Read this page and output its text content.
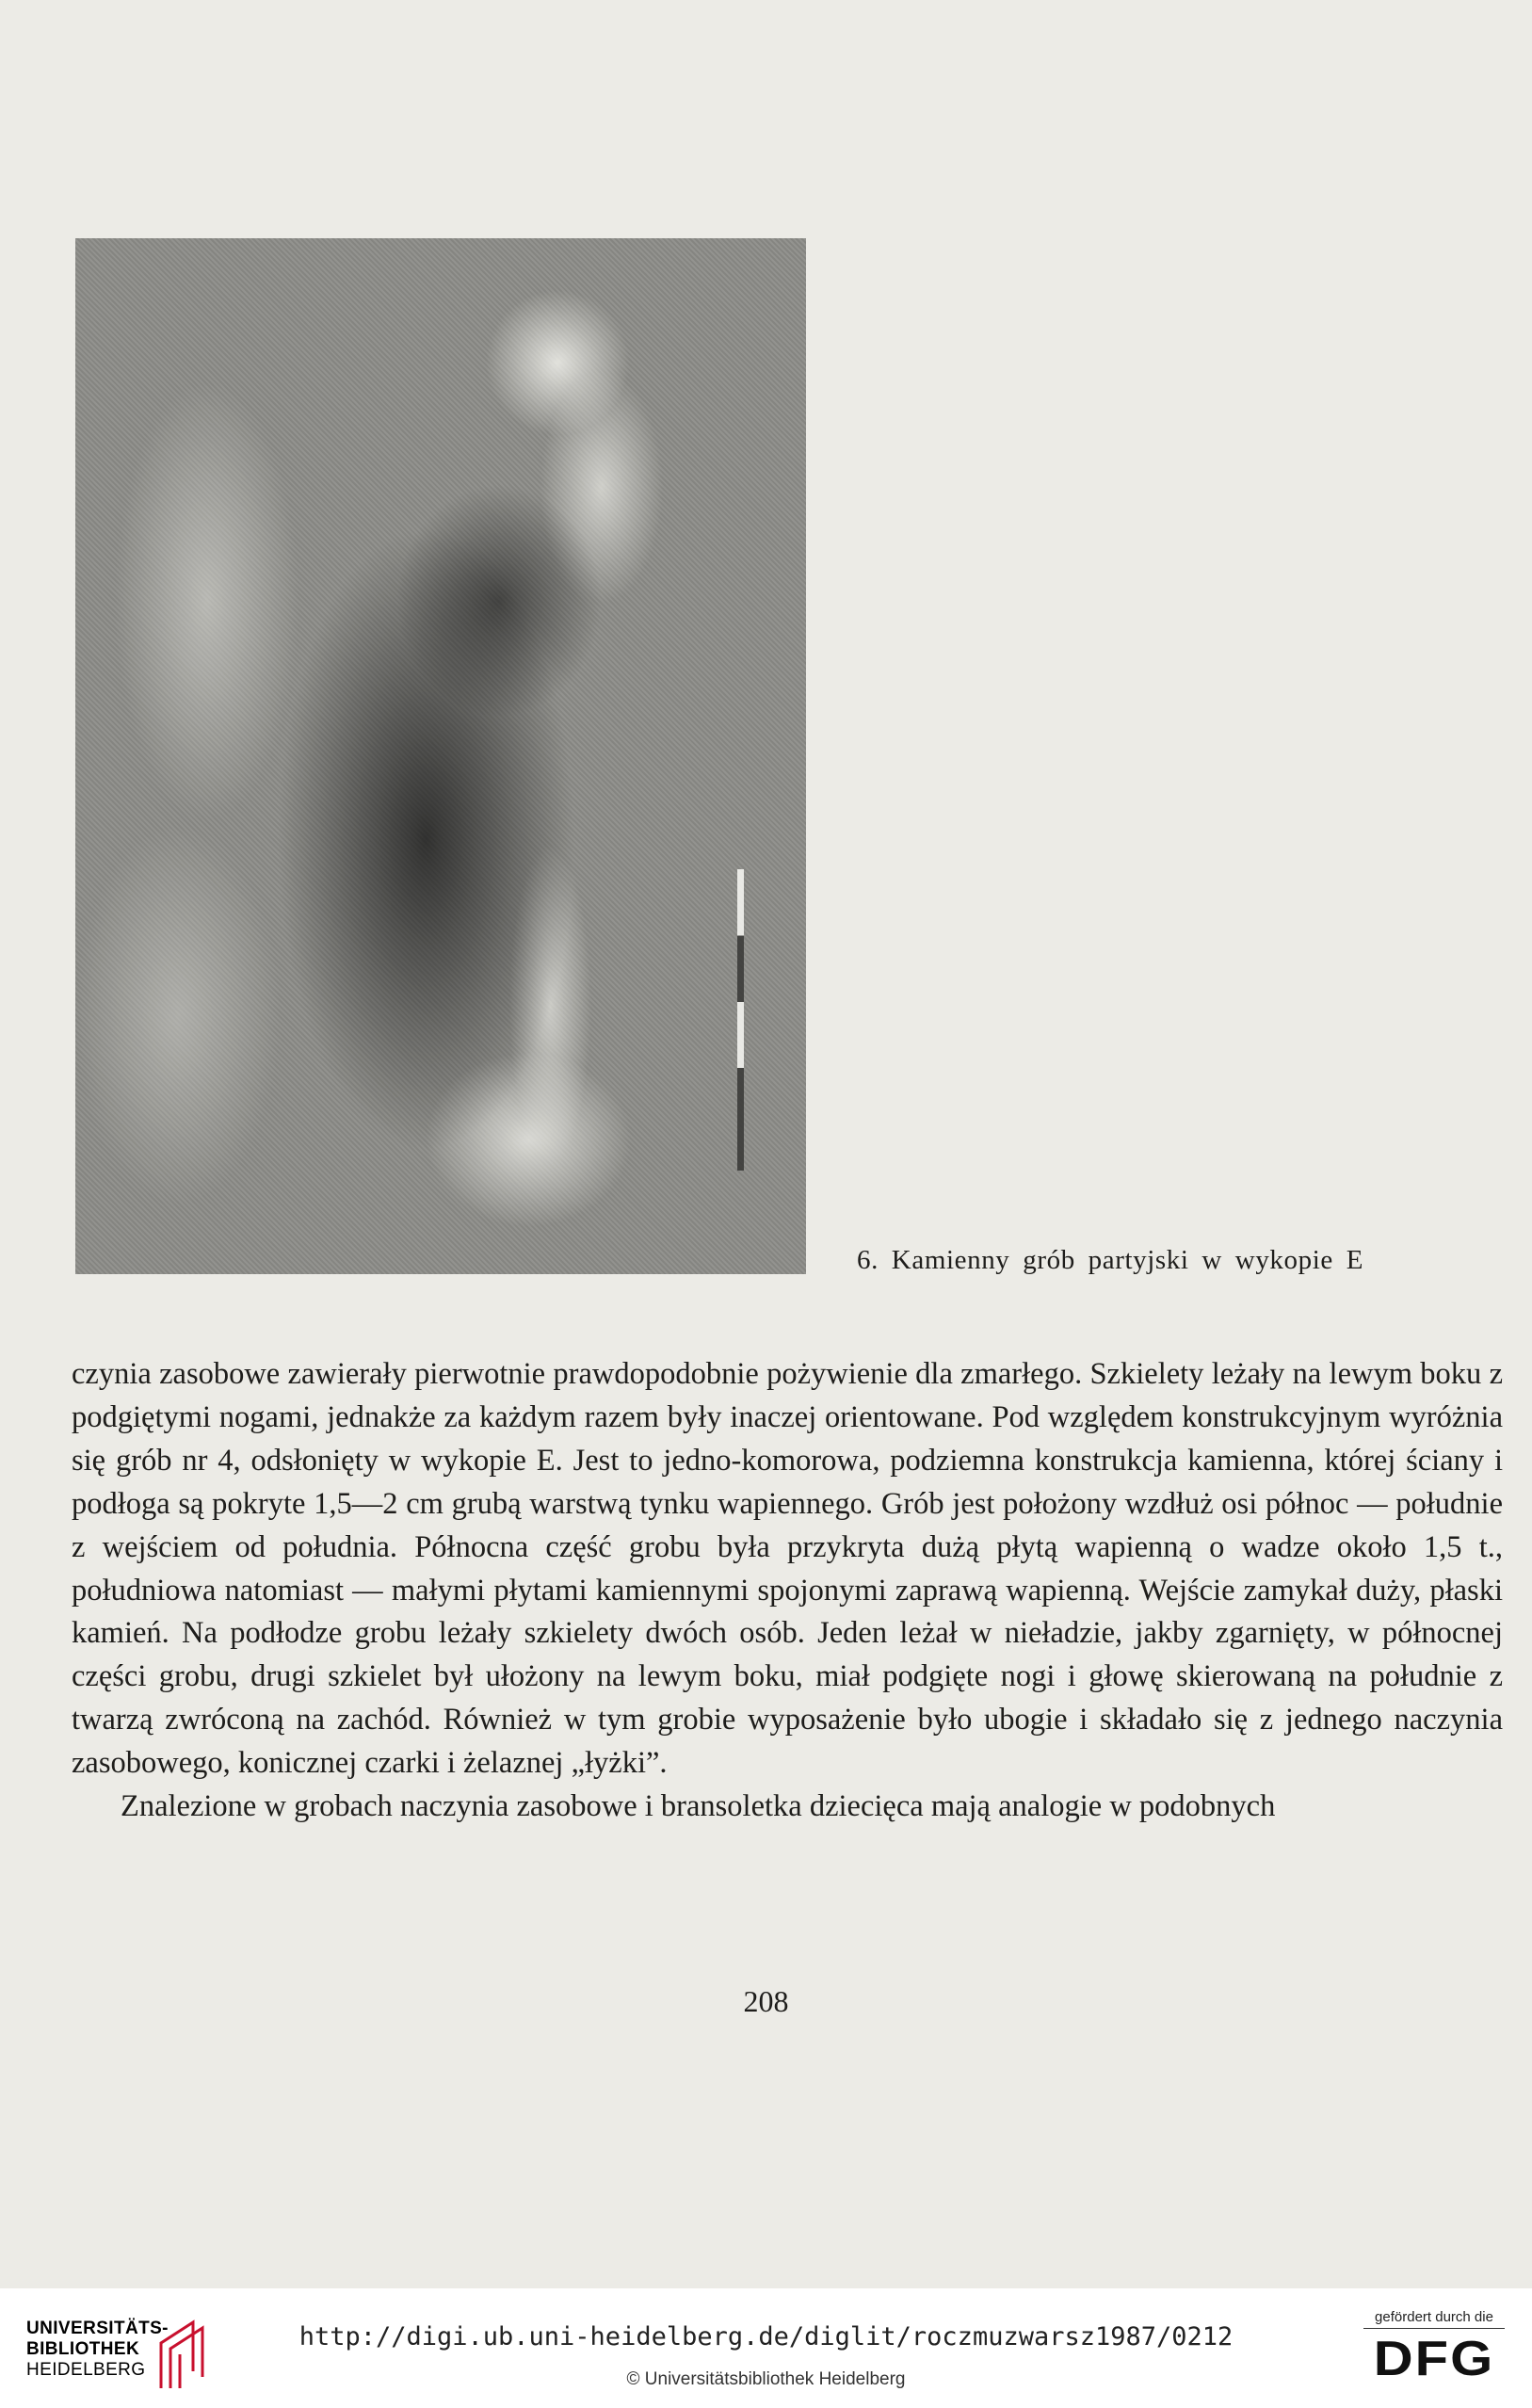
6. Kamienny grób partyjski w wykopie E

czynia zasobowe zawierały pierwotnie prawdopodobnie pożywienie dla zmarłego. Szkielety leżały na lewym boku z podgiętymi nogami, jednakże za każdym razem były inaczej orientowane. Pod względem konstrukcyjnym wyróżnia się grób nr 4, odsłonięty w wykopie E. Jest to jedno-komorowa, podziemna konstrukcja kamienna, której ściany i podłoga są pokryte 1,5—2 cm grubą warstwą tynku wapiennego. Grób jest położony wzdłuż osi północ — południe z wejściem od południa. Północna część grobu była przykryta dużą płytą wapienną o wadze około 1,5 t., południowa natomiast — małymi płytami kamiennymi spojonymi zaprawą wapienną. Wejście zamykał duży, płaski kamień. Na podłodze grobu leżały szkielety dwóch osób. Jeden leżał w nieładzie, jakby zgarnięty, w północnej części grobu, drugi szkielet był ułożony na lewym boku, miał podgięte nogi i głowę skierowaną na południe z twarzą zwróconą na zachód. Również w tym grobie wyposażenie było ubogie i składało się z jednego naczynia zasobowego, konicznej czarki i żelaznej „łyżki”.

Znalezione w grobach naczynia zasobowe i bransoletka dziecięca mają analogie w podobnych

208
UNIVERSITÄTS-
BIBLIOTHEK
HEIDELBERG
http://digi.ub.uni-heidelberg.de/diglit/roczmuzwarsz1987/0212
© Universitätsbibliothek Heidelberg
gefördert durch die
DFG
